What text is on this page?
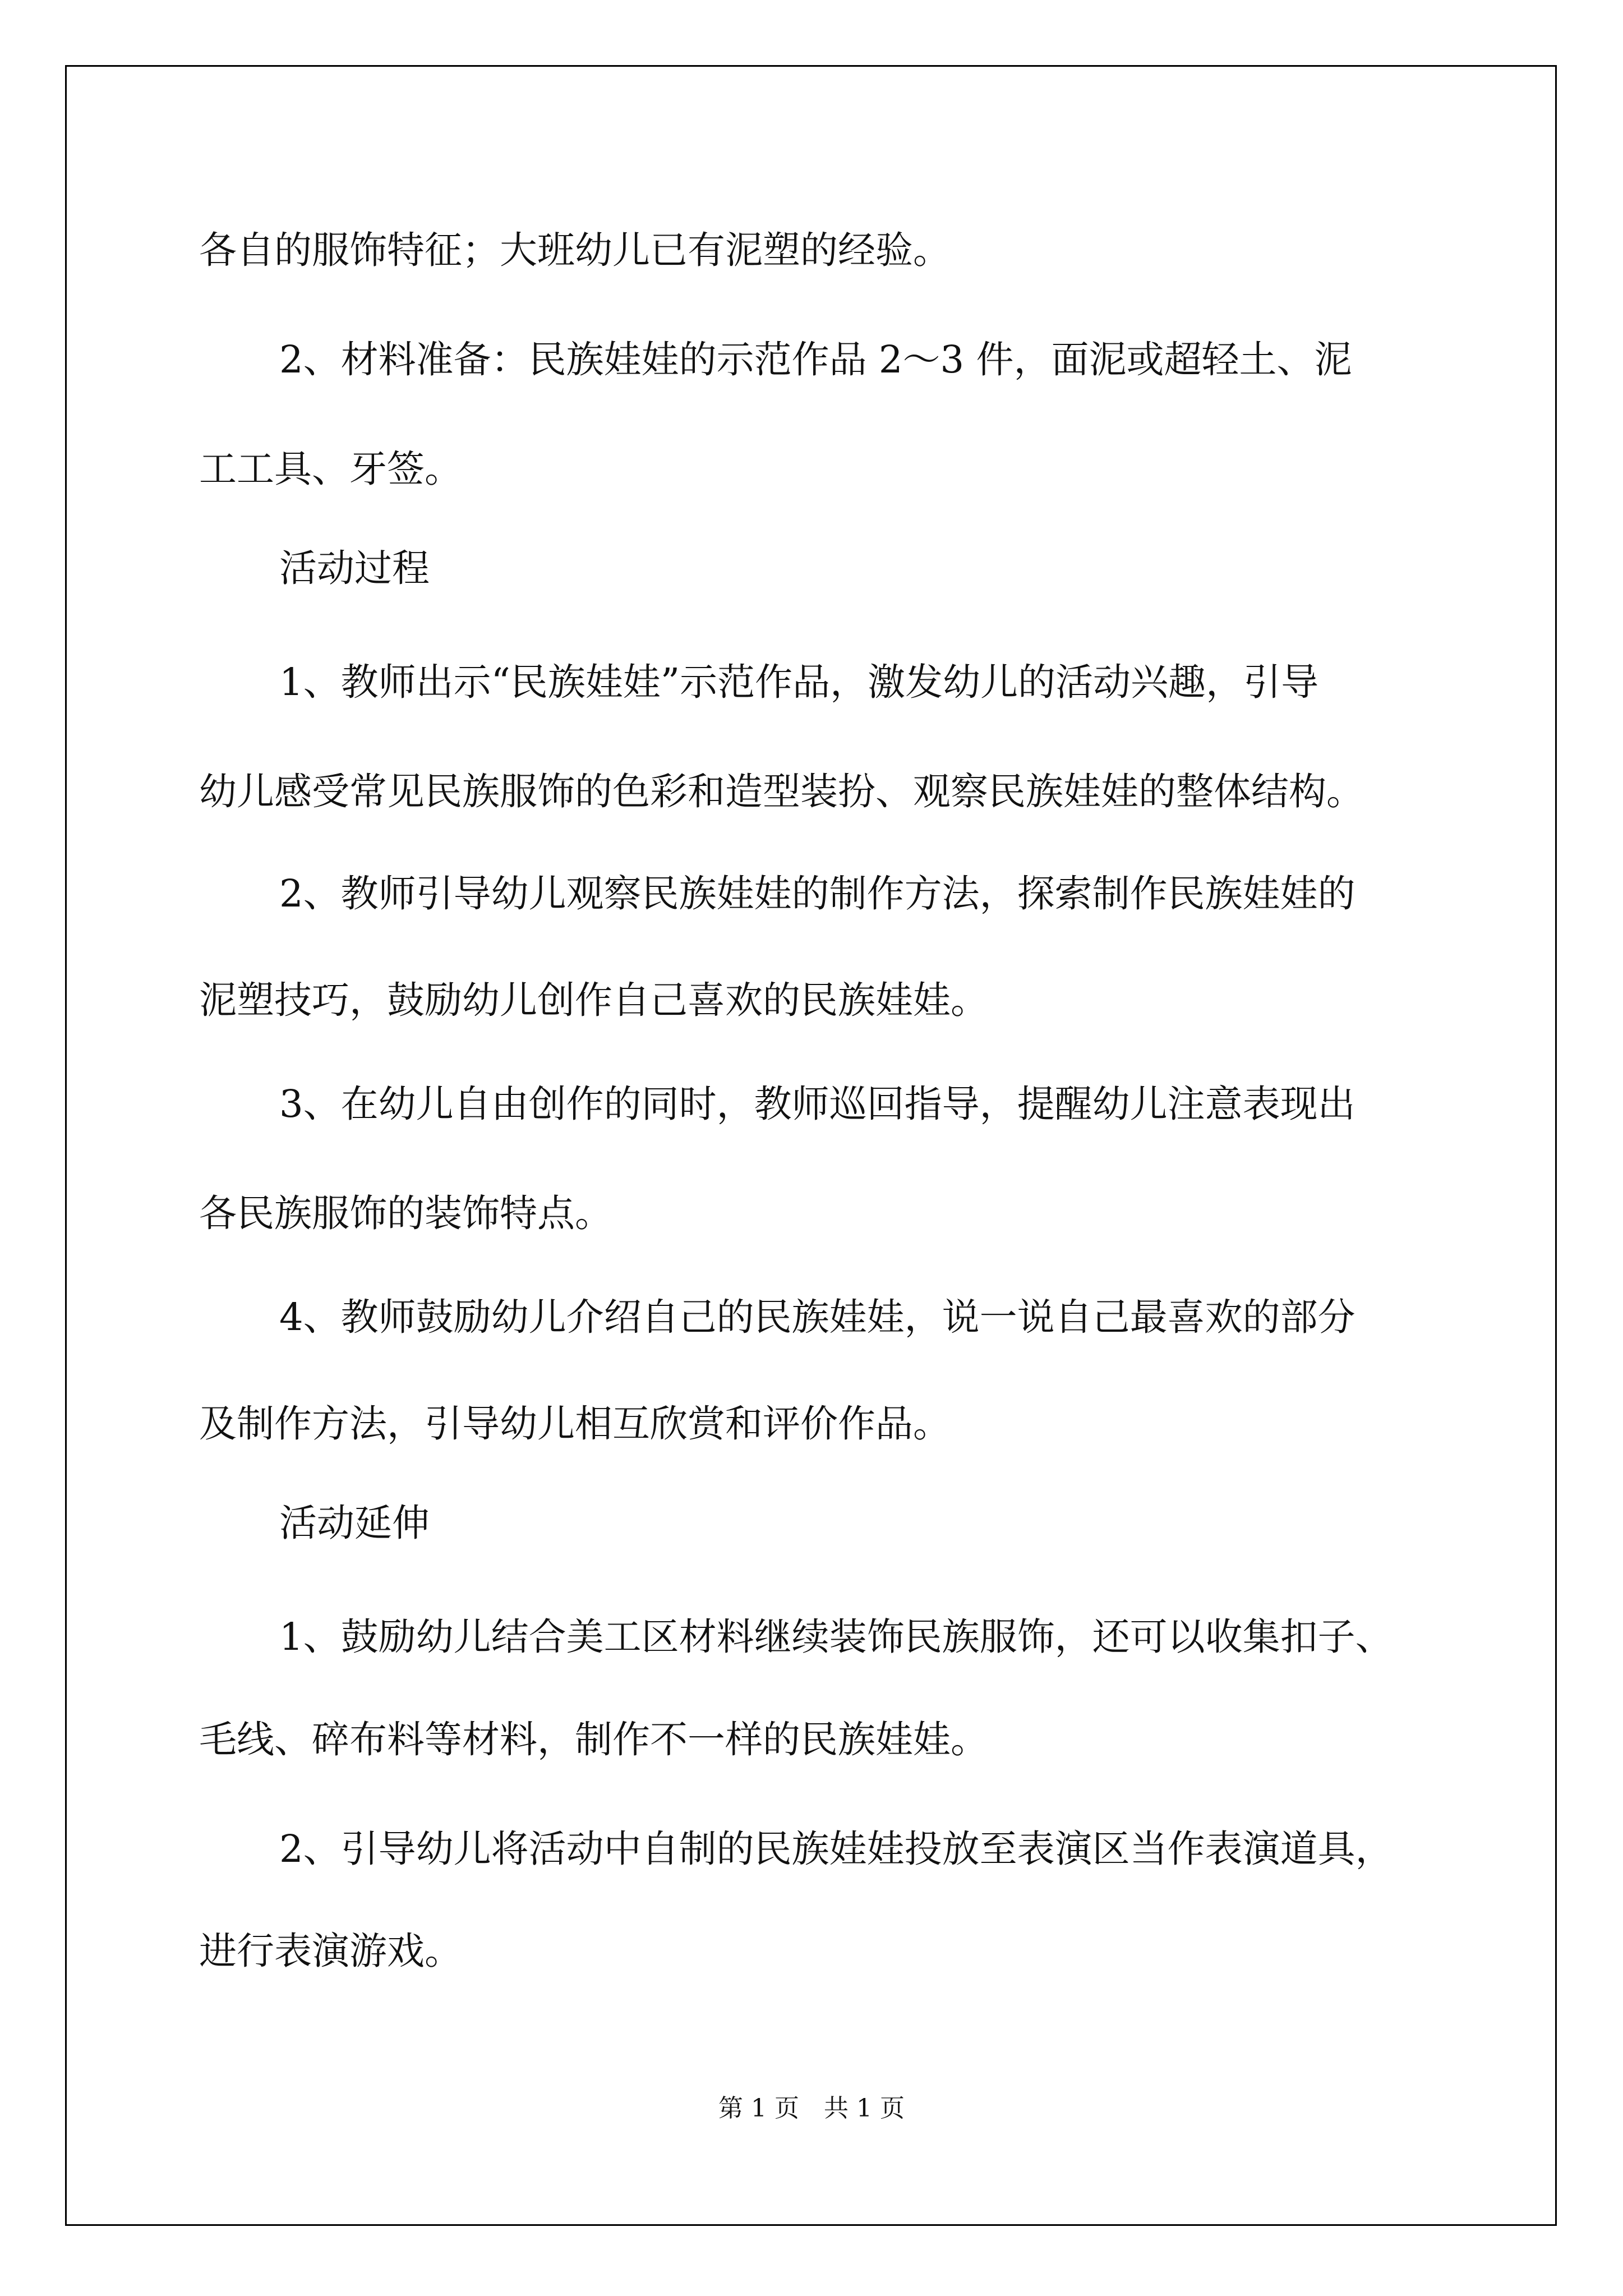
各自的服饰特征；大班幼儿已有泥塑的经验。
2、材料准备：民族娃娃的示范作品 2～3 件，面泥或超轻土、泥
工工具、牙签。
活动过程
1、教师出示“民族娃娃”示范作品，激发幼儿的活动兴趣，引导
幼儿感受常见民族服饰的色彩和造型装扮、观察民族娃娃的整体结构。
2、教师引导幼儿观察民族娃娃的制作方法，探索制作民族娃娃的
泥塑技巧，鼓励幼儿创作自己喜欢的民族娃娃。
3、在幼儿自由创作的同时，教师巡回指导，提醒幼儿注意表现出
各民族服饰的装饰特点。
4、教师鼓励幼儿介绍自己的民族娃娃，说一说自己最喜欢的部分
及制作方法，引导幼儿相互欣赏和评价作品。
活动延伸
1、鼓励幼儿结合美工区材料继续装饰民族服饰，还可以收集扣子、
毛线、碎布料等材料，制作不一样的民族娃娃。
2、引导幼儿将活动中自制的民族娃娃投放至表演区当作表演道具，
进行表演游戏。
第 1 页　共 1 页
